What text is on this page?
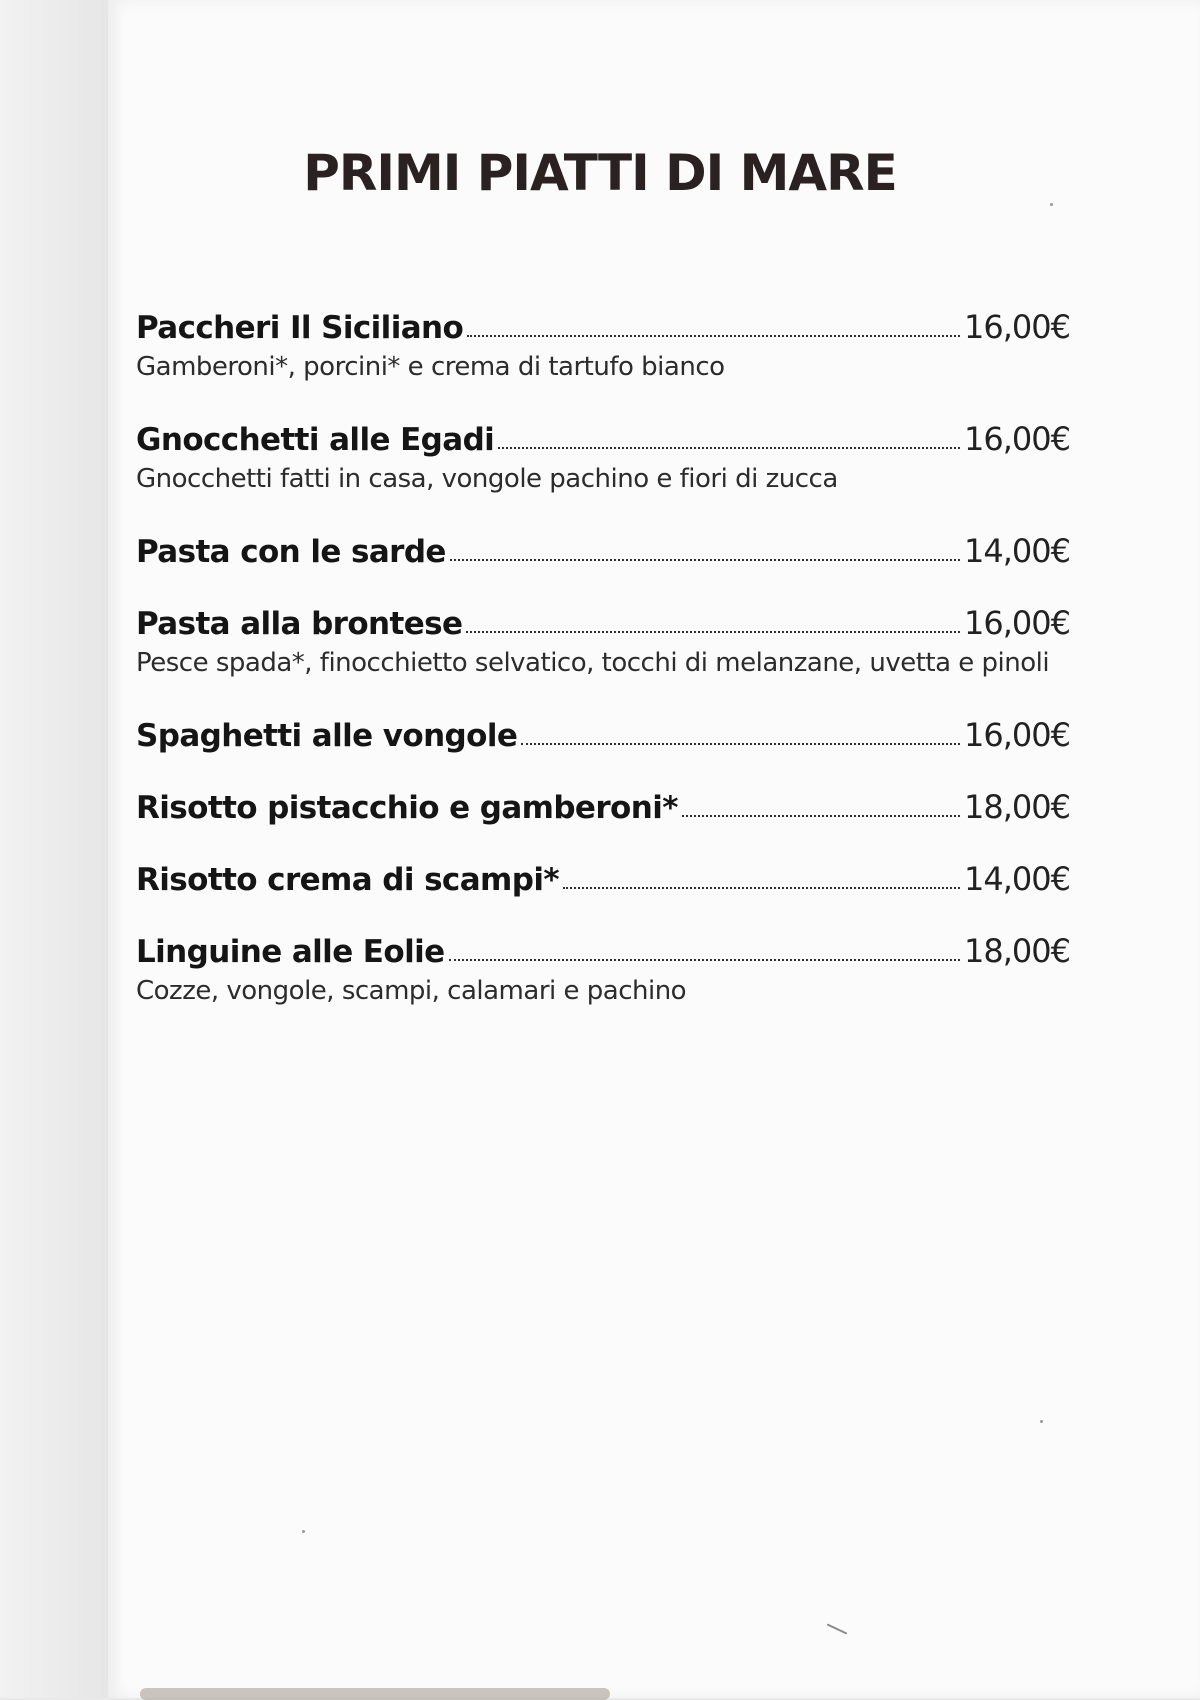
PRIMI PIATTI DI MARE
Paccheri Il Siciliano	16,00€
Gamberoni*, porcini* e crema di tartufo bianco
Gnocchetti alle Egadi	16,00€
Gnocchetti fatti in casa, vongole pachino e fiori di zucca
Pasta con le sarde	14,00€
Pasta alla brontese	16,00€
Pesce spada*, finocchietto selvatico, tocchi di melanzane, uvetta e pinoli
Spaghetti alle vongole	16,00€
Risotto pistacchio e gamberoni*	18,00€
Risotto crema di scampi*	14,00€
Linguine alle Eolie	18,00€
Cozze, vongole, scampi, calamari e pachino
